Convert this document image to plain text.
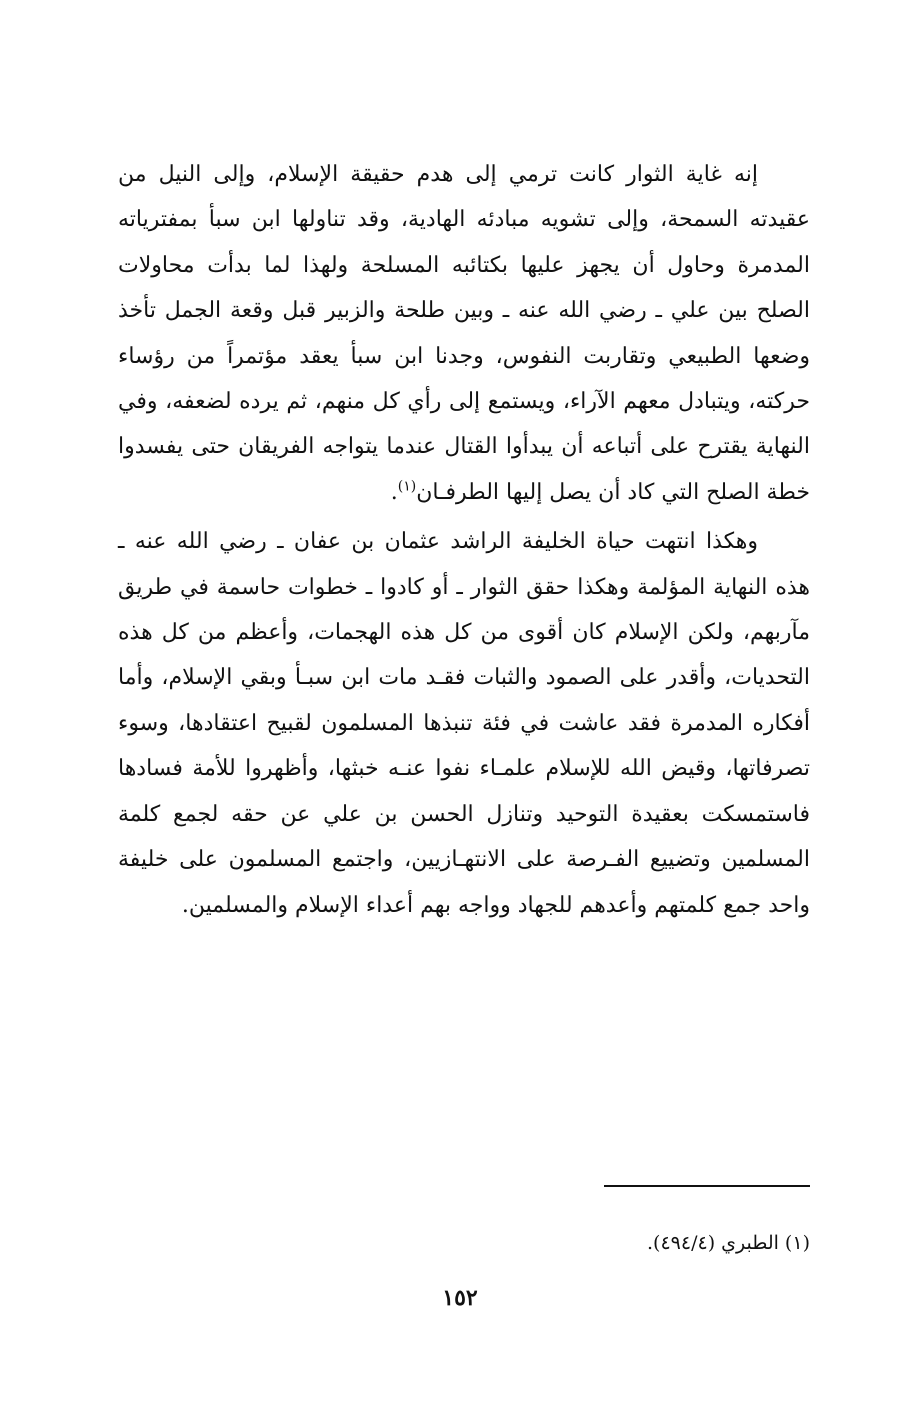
إنه غاية الثوار كانت ترمي إلى هدم حقيقة الإسلام، وإلى النيل من عقيدته السمحة، وإلى تشويه مبادئه الهادية، وقد تناولها ابن سبأ بمفترياته المدمرة وحاول أن يجهز عليها بكتائبه المسلحة ولهذا لما بدأت محاولات الصلح بين علي ـ رضي الله عنه ـ وبين طلحة والزبير قبل وقعة الجمل تأخذ وضعها الطبيعي وتقاربت النفوس، وجدنا ابن سبأ يعقد مؤتمراً من رؤساء حركته، ويتبادل معهم الآراء، ويستمع إلى رأي كل منهم، ثم يرده لضعفه، وفي النهاية يقترح على أتباعه أن يبدأوا القتال عندما يتواجه الفريقان حتى يفسدوا خطة الصلح التي كاد أن يصل إليها الطرفـان$^{(١)}$.

وهكذا انتهت حياة الخليفة الراشد عثمان بن عفان ـ رضي الله عنه ـ هذه النهاية المؤلمة وهكذا حقق الثوار ـ أو كادوا ـ خطوات حاسمة في طريق مآربهم، ولكن الإسلام كان أقوى من كل هذه الهجمات، وأعظم من كل هذه التحديات، وأقدر على الصمود والثبات فقـد مات ابن سبـأ وبقي الإسلام، وأما أفكاره المدمرة فقد عاشت في فئة تنبذها المسلمون لقبيح اعتقادها، وسوء تصرفاتها، وقيض الله للإسلام علمـاء نفوا عنـه خبثها، وأظهروا للأمة فسادها فاستمسكت بعقيدة التوحيد وتنازل الحسن بن علي عن حقه لجمع كلمة المسلمين وتضييع الفـرصة على الانتهـازيين، واجتمع المسلمون على خليفة واحد جمع كلمتهم وأعدهم للجهاد وواجه بهم أعداء الإسلام والمسلمين.

(١) الطبري (٤٩٤/٤).

١٥٢
